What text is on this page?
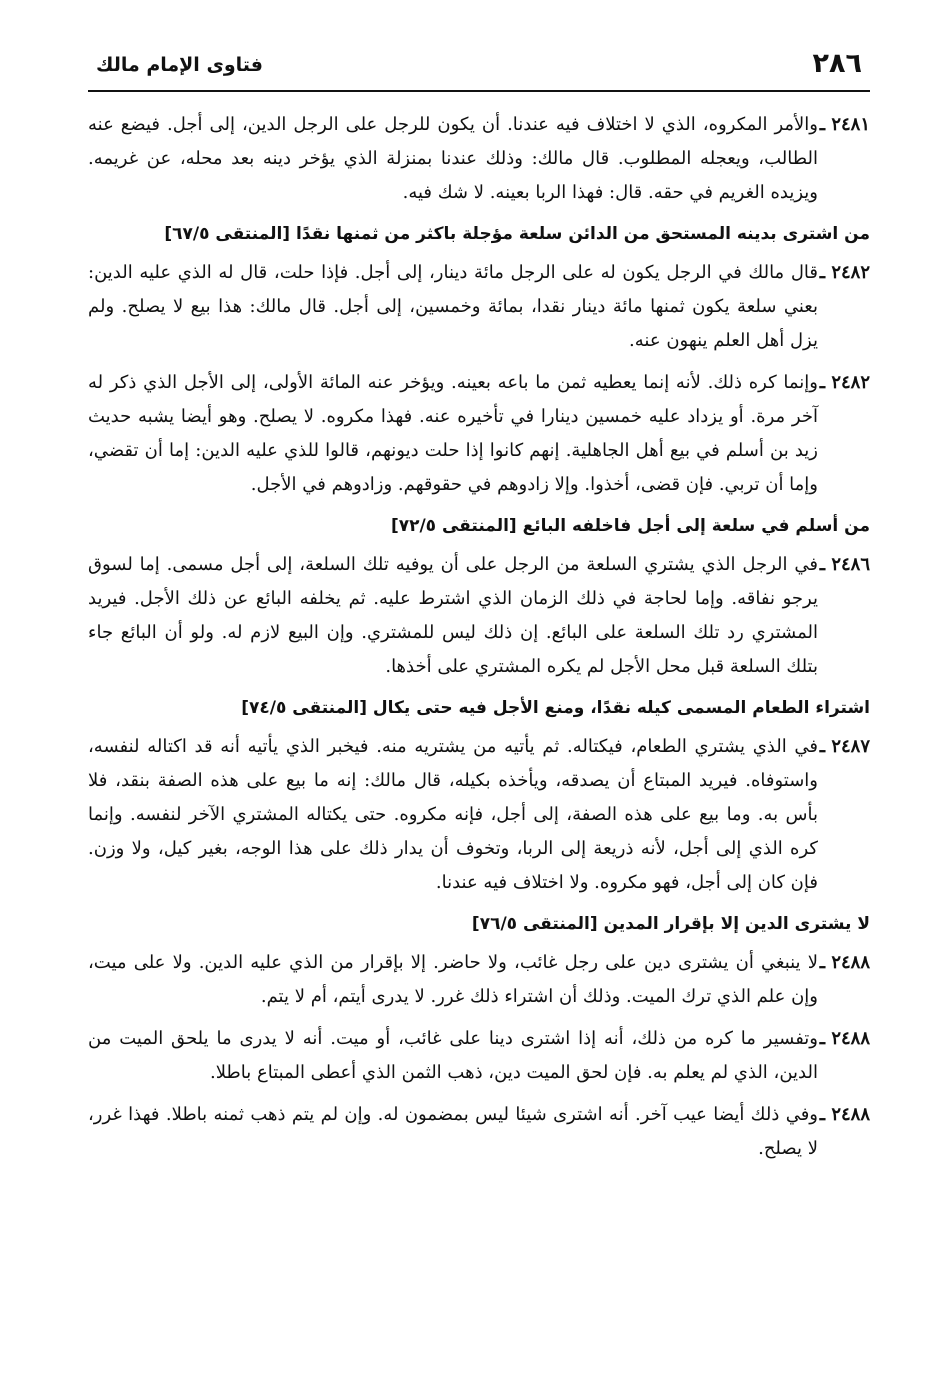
٢٨٦
فتاوى الإمام مالك
٢٤٨١ ـ
والأمر المكروه، الذي لا اختلاف فيه عندنا. أن يكون للرجل على الرجل الدين، إلى أجل. فيضع عنه الطالب، ويعجله المطلوب. قال مالك: وذلك عندنا بمنزلة الذي يؤخر دينه بعد محله، عن غريمه. ويزيده الغريم في حقه. قال: فهذا الربا بعينه. لا شك فيه.
من اشترى بدينه المستحق من الدائن سلعة مؤجلة باكثر من ثمنها نقدًا [المنتقى ٦٧/٥]
٢٤٨٢ ـ
قال مالك في الرجل يكون له على الرجل مائة دينار، إلى أجل. فإذا حلت، قال له الذي عليه الدين: بعني سلعة يكون ثمنها مائة دينار نقدا، بمائة وخمسين، إلى أجل. قال مالك: هذا بيع لا يصلح. ولم يزل أهل العلم ينهون عنه.
٢٤٨٢ ـ
وإنما كره ذلك. لأنه إنما يعطيه ثمن ما باعه بعينه. ويؤخر عنه المائة الأولى، إلى الأجل الذي ذكر له آخر مرة. أو يزداد عليه خمسين دينارا في تأخيره عنه. فهذا مكروه. لا يصلح. وهو أيضا يشبه حديث زيد بن أسلم في بيع أهل الجاهلية. إنهم كانوا إذا حلت ديونهم، قالوا للذي عليه الدين: إما أن تقضي، وإما أن تربي. فإن قضى، أخذوا. وإلا زادوهم في حقوقهم. وزادوهم في الأجل.
من أسلم في سلعة إلى أجل فاخلفه البائع [المنتقى ٧٢/٥]
٢٤٨٦ ـ
في الرجل الذي يشتري السلعة من الرجل على أن يوفيه تلك السلعة، إلى أجل مسمى. إما لسوق يرجو نفاقه. وإما لحاجة في ذلك الزمان الذي اشترط عليه. ثم يخلفه البائع عن ذلك الأجل. فيريد المشتري رد تلك السلعة على البائع. إن ذلك ليس للمشتري. وإن البيع لازم له. ولو أن البائع جاء بتلك السلعة قبل محل الأجل لم يكره المشتري على أخذها.
اشتراء الطعام المسمى كيله نقدًا، ومنع الأجل فيه حتى يكال [المنتقى ٧٤/٥]
٢٤٨٧ ـ
في الذي يشتري الطعام، فيكتاله. ثم يأتيه من يشتريه منه. فيخبر الذي يأتيه أنه قد اكتاله لنفسه، واستوفاه. فيريد المبتاع أن يصدقه، ويأخذه بكيله، قال مالك: إنه ما بيع على هذه الصفة بنقد، فلا بأس به. وما بيع على هذه الصفة، إلى أجل، فإنه مكروه. حتى يكتاله المشتري الآخر لنفسه. وإنما كره الذي إلى أجل، لأنه ذريعة إلى الربا، وتخوف أن يدار ذلك على هذا الوجه، بغير كيل، ولا وزن. فإن كان إلى أجل، فهو مكروه. ولا اختلاف فيه عندنا.
لا يشترى الدين إلا بإقرار المدين [المنتقى ٧٦/٥]
٢٤٨٨ ـ
لا ينبغي أن يشترى دين على رجل غائب، ولا حاضر. إلا بإقرار من الذي عليه الدين. ولا على ميت، وإن علم الذي ترك الميت. وذلك أن اشتراء ذلك غرر. لا يدرى أيتم، أم لا يتم.
٢٤٨٨ ـ
وتفسير ما كره من ذلك، أنه إذا اشترى دينا على غائب، أو ميت. أنه لا يدرى ما يلحق الميت من الدين، الذي لم يعلم به. فإن لحق الميت دين، ذهب الثمن الذي أعطى المبتاع باطلا.
٢٤٨٨ ـ
وفي ذلك أيضا عيب آخر. أنه اشترى شيئا ليس بمضمون له. وإن لم يتم ذهب ثمنه باطلا. فهذا غرر، لا يصلح.
